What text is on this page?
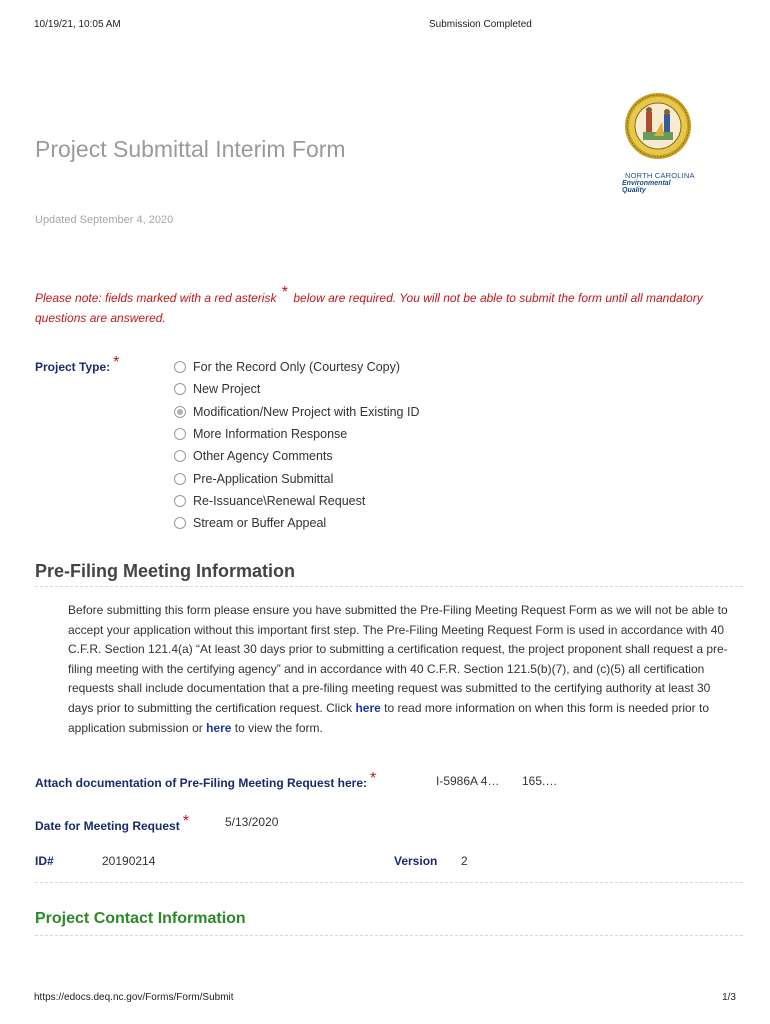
10/19/21, 10:05 AM	Submission Completed
Project Submittal Interim Form
Updated September 4, 2020
NORTH CAROLINA
Environmental Quality

Please note: fields marked with a red asterisk * below are required. You will not be able to submit the form until all mandatory questions are answered.

Project Type: *	For the Record Only (Courtesy Copy)
New Project
Modification/New Project with Existing ID
More Information Response
Other Agency Comments
Pre-Application Submittal
Re-Issuance\Renewal Request
Stream or Buffer Appeal
Pre-Filing Meeting Information

Before submitting this form please ensure you have submitted the Pre-Filing Meeting Request Form as we will not be able to accept your application without this important first step. The Pre-Filing Meeting Request Form is used in accordance with 40 C.F.R. Section 121.4(a) “At least 30 days prior to submitting a certification request, the project proponent shall request a pre-filing meeting with the certifying agency” and in accordance with 40 C.F.R. Section 121.5(b)(7), and (c)(5) all certification requests shall include documentation that a pre-filing meeting request was submitted to the certifying authority at least 30 days prior to submitting the certification request. Click here to read more information on when this form is needed prior to application submission or here to view the form.

Attach documentation of Pre-Filing Meeting Request here: *	I-5986A 4… 165.…
Date for Meeting Request *	5/13/2020
ID#	20190214	Version 2
Project Contact Information
https://edocs.deq.nc.gov/Forms/Form/Submit	1/3
